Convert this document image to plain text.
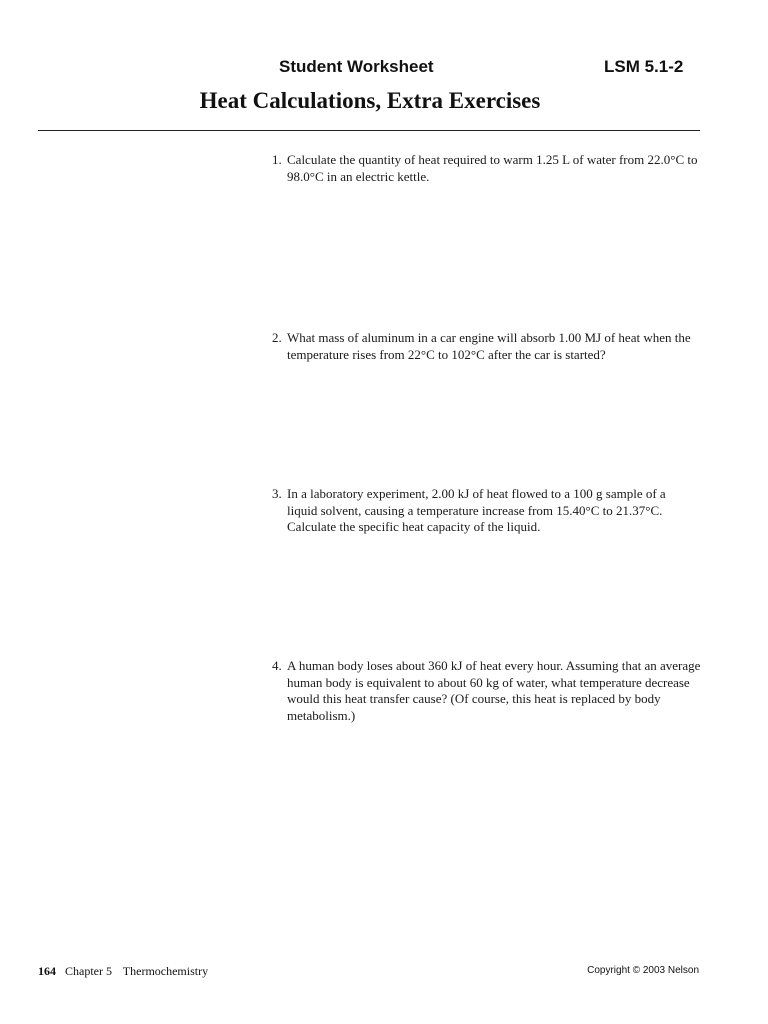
Student Worksheet	LSM 5.1-2
Heat Calculations, Extra Exercises
1. Calculate the quantity of heat required to warm 1.25 L of water from 22.0°C to 98.0°C in an electric kettle.
2. What mass of aluminum in a car engine will absorb 1.00 MJ of heat when the temperature rises from 22°C to 102°C after the car is started?
3. In a laboratory experiment, 2.00 kJ of heat flowed to a 100 g sample of a liquid solvent, causing a temperature increase from 15.40°C to 21.37°C. Calculate the specific heat capacity of the liquid.
4. A human body loses about 360 kJ of heat every hour. Assuming that an average human body is equivalent to about 60 kg of water, what temperature decrease would this heat transfer cause? (Of course, this heat is replaced by body metabolism.)
164 Chapter 5 Thermochemistry	Copyright © 2003 Nelson
